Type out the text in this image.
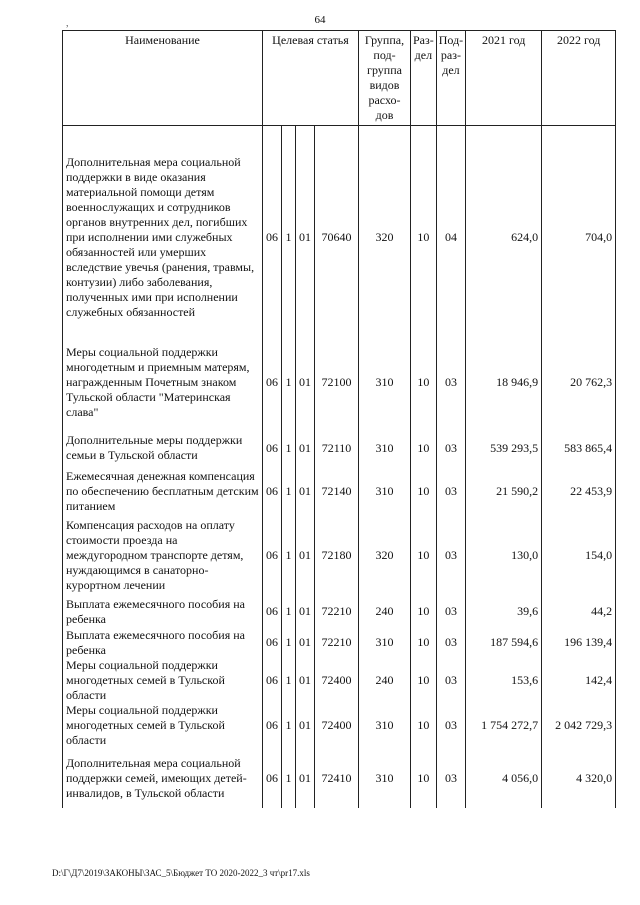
64
Наименование	Целевая статья				Группа, под- группа видов расхо- дов	Раз- дел	Под- раз- дел	2021 год	2022 год

Дополнительная мера социальной поддержки в виде оказания материальной помощи детям военнослужащих и сотрудников органов внутренних дел, погибших при исполнении ими служебных обязанностей или умерших вследствие увечья (ранения, травмы, контузии) либо заболевания, полученных ими при исполнении служебных обязанностей	06	1	01	70640	320	10	04	624,0	704,0
Меры социальной поддержки многодетным и приемным матерям, награжденным Почетным знаком Тульской области "Материнская слава"	06	1	01	72100	310	10	03	18 946,9	20 762,3
Дополнительные меры поддержки семьи в Тульской области	06	1	01	72110	310	10	03	539 293,5	583 865,4
Ежемесячная денежная компенсация по обеспечению бесплатным детским питанием	06	1	01	72140	310	10	03	21 590,2	22 453,9
Компенсация расходов на оплату стоимости проезда на междугородном транспорте детям, нуждающимся в санаторно-курортном лечении	06	1	01	72180	320	10	03	130,0	154,0
Выплата ежемесячного пособия на ребенка	06	1	01	72210	240	10	03	39,6	44,2
Выплата ежемесячного пособия на ребенка	06	1	01	72210	310	10	03	187 594,6	196 139,4
Меры социальной поддержки многодетных семей в Тульской области	06	1	01	72400	240	10	03	153,6	142,4
Меры социальной поддержки многодетных семей в Тульской области	06	1	01	72400	310	10	03	1 754 272,7	2 042 729,3
Дополнительная мера социальной поддержки семей, имеющих детей-инвалидов, в Тульской области	06	1	01	72410	310	10	03	4 056,0	4 320,0
D:\Г\Д7\2019\ЗАКОНЫ\ЗАС_5\Бюджет ТО 2020-2022_3 чт\pr17.xls
,
